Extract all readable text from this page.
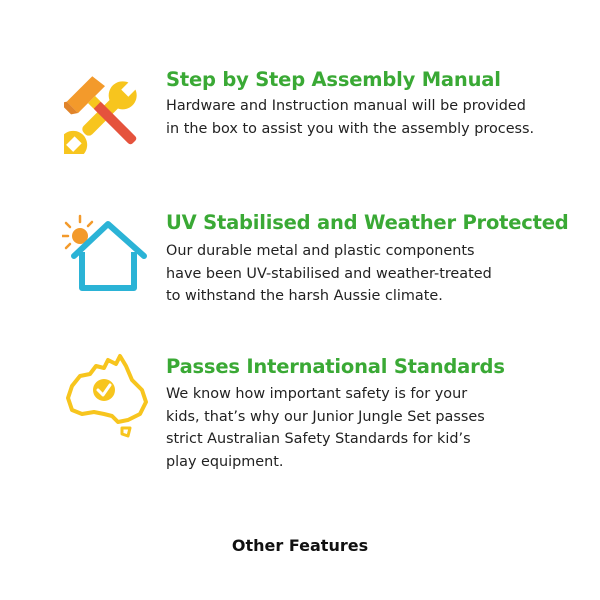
Step by Step Assembly Manual
Hardware and Instruction manual will be provided
in the box to assist you with the assembly process.
UV Stabilised and Weather Protected
Our durable metal and plastic components
have been UV-stabilised and weather-treated
to withstand the harsh Aussie climate.
Passes International Standards
We know how important safety is for your
kids, that’s why our Junior Jungle Set passes
strict Australian Safety Standards for kid’s
play equipment.
Other Features
